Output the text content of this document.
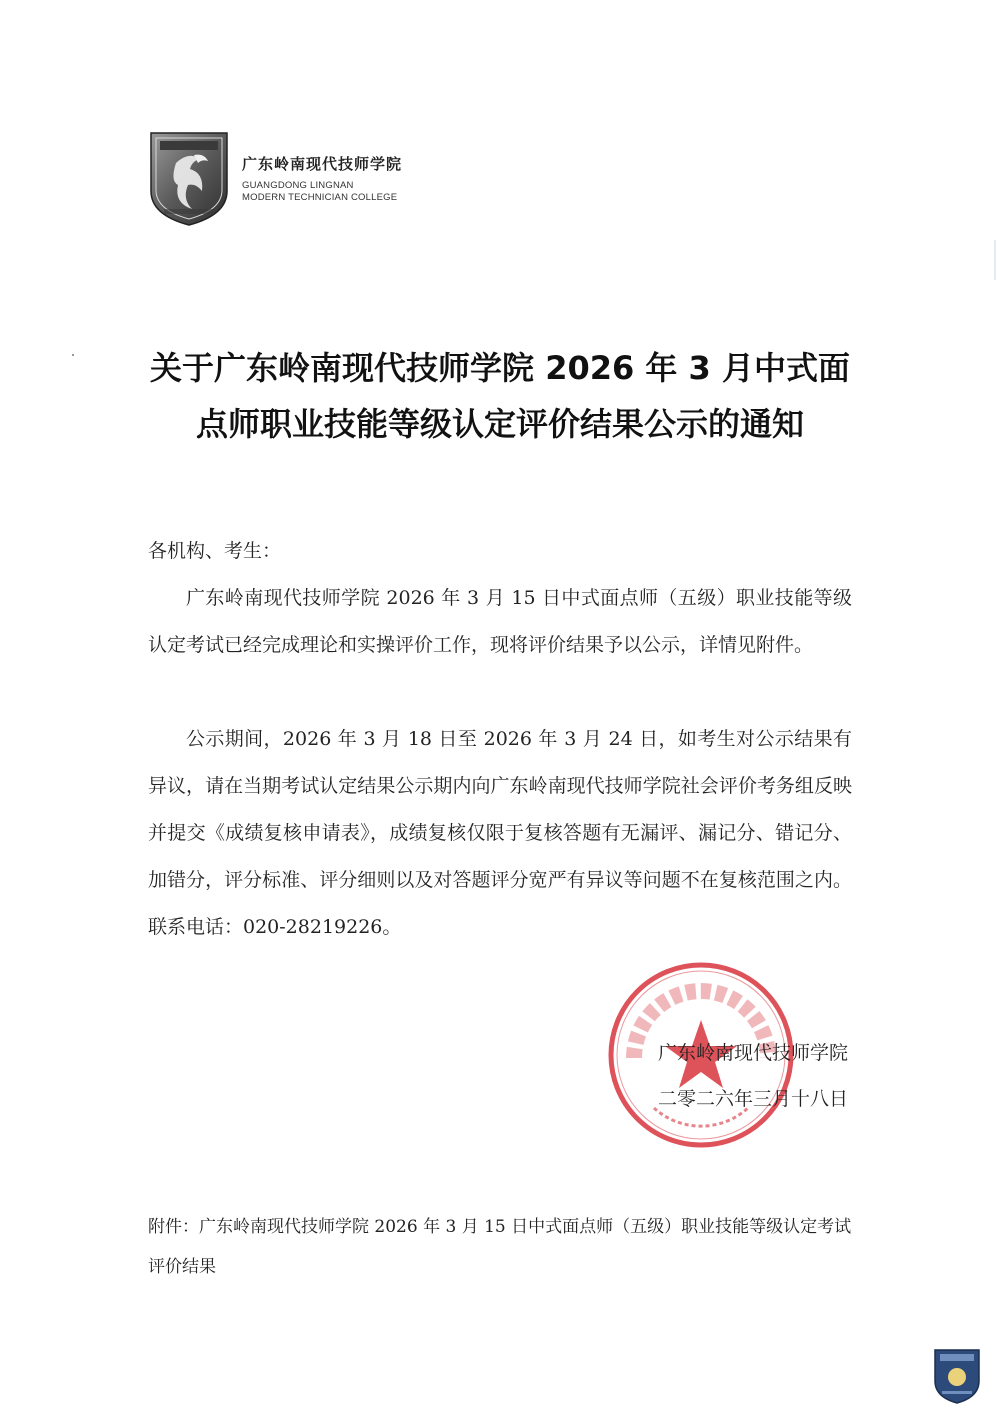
广东岭南现代技师学院
GUANGDONG LINGNAN
MODERN TECHNICIAN COLLEGE
关于广东岭南现代技师学院 2026 年 3 月中式面
点师职业技能等级认定评价结果公示的通知
各机构、考生：
广东岭南现代技师学院 2026 年 3 月 15 日中式面点师（五级）职业技能等级认定考试已经完成理论和实操评价工作，现将评价结果予以公示，详情见附件。
公示期间，2026 年 3 月 18 日至 2026 年 3 月 24 日，如考生对公示结果有异议，请在当期考试认定结果公示期内向广东岭南现代技师学院社会评价考务组反映并提交《成绩复核申请表》，成绩复核仅限于复核答题有无漏评、漏记分、错记分、加错分，评分标准、评分细则以及对答题评分宽严有异议等问题不在复核范围之内。联系电话：020-28219226。
广东岭南现代技师学院
二零二六年三月十八日
附件：广东岭南现代技师学院 2026 年 3 月 15 日中式面点师（五级）职业技能等级认定考试评价结果
